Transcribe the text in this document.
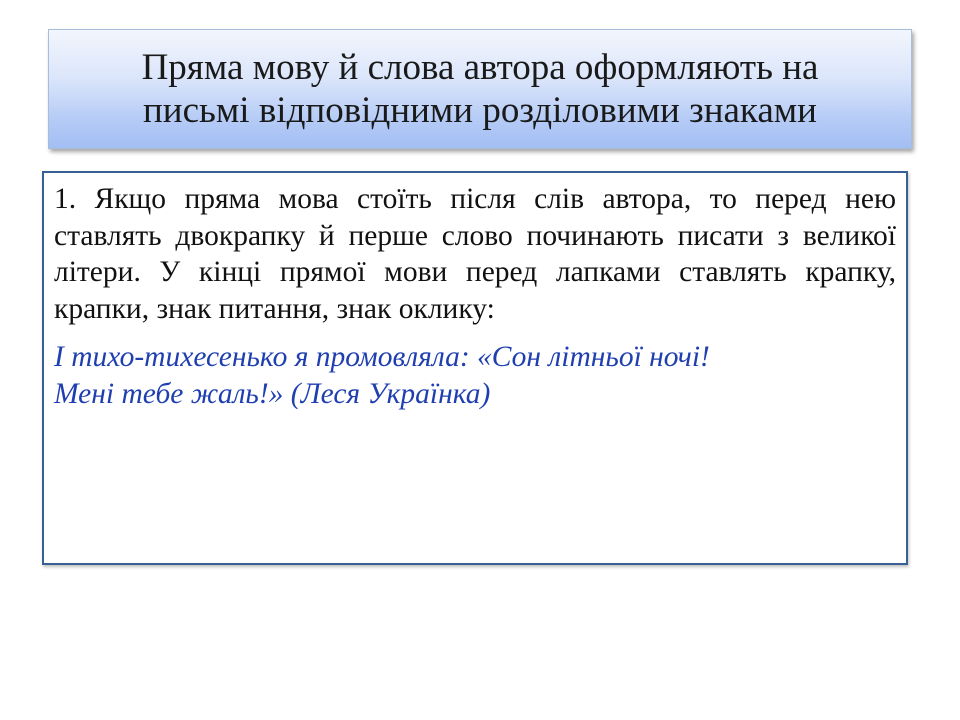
Пряма мову й слова автора оформляють на
письмі відповідними розділовими знаками

1. Якщо пряма мова стоїть після слів автора, то перед нею ставлять двокрапку й перше слово починають писати з великої літери. У кінці прямої мови перед лапками ставлять крапку, крапки, знак питання, знак оклику:

І тихо-тихесенько я промовляла: «Сон літньої ночі!
Мені тебе жаль!» (Леся Українка)
